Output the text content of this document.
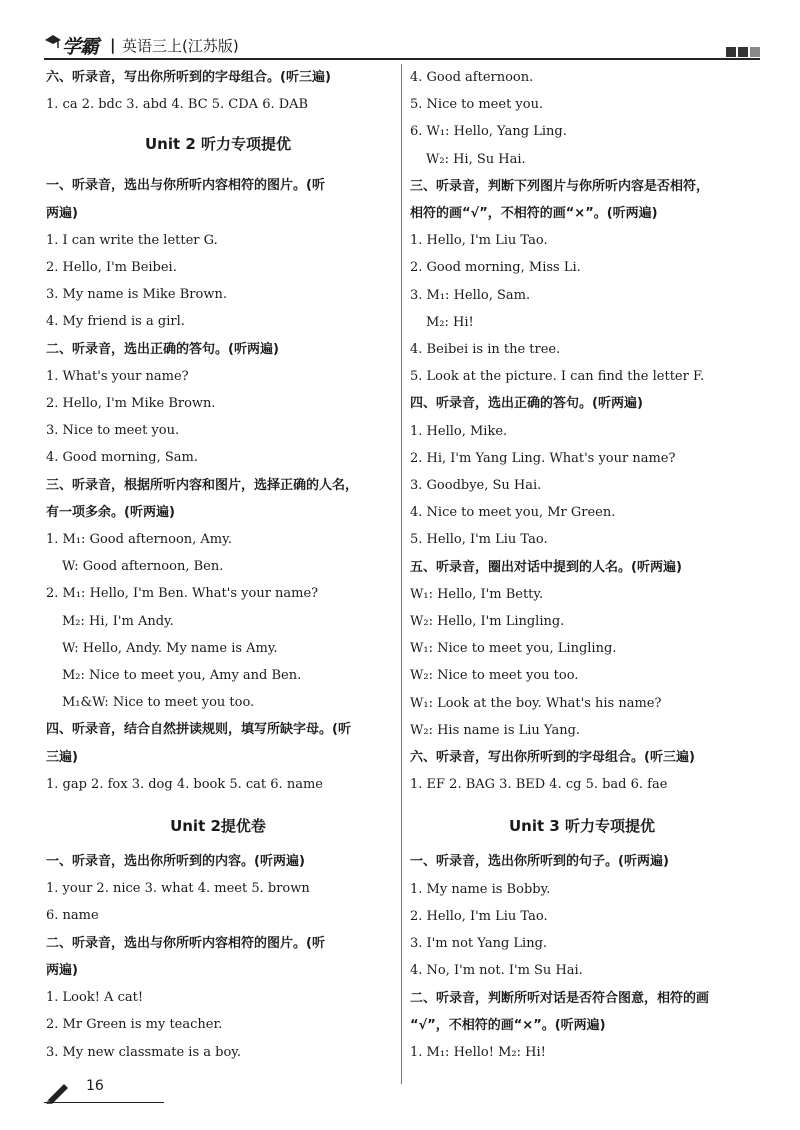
学霸 | 英语三上(江苏版)
六、听录音，写出你所听到的字母组合。(听三遍)
1. ca 2. bdc 3. abd 4. BC 5. CDA 6. DAB
Unit 2 听力专项提优
一、听录音，选出与你所听内容相符的图片。(听
两遍)
1. I can write the letter G.
2. Hello, I'm Beibei.
3. My name is Mike Brown.
4. My friend is a girl.
二、听录音，选出正确的答句。(听两遍)
1. What's your name?
2. Hello, I'm Mike Brown.
3. Nice to meet you.
4. Good morning, Sam.
三、听录音，根据所听内容和图片，选择正确的人名，
有一项多余。(听两遍)
1. M₁: Good afternoon, Amy.
W: Good afternoon, Ben.
2. M₁: Hello, I'm Ben. What's your name?
M₂: Hi, I'm Andy.
W: Hello, Andy. My name is Amy.
M₂: Nice to meet you, Amy and Ben.
M₁&W: Nice to meet you too.
四、听录音，结合自然拼读规则，填写所缺字母。(听
三遍)
1. gap 2. fox 3. dog 4. book 5. cat 6. name
Unit 2提优卷
一、听录音，选出你所听到的内容。(听两遍)
1. your 2. nice 3. what 4. meet 5. brown
6. name
二、听录音，选出与你所听内容相符的图片。(听
两遍)
1. Look! A cat!
2. Mr Green is my teacher.
3. My new classmate is a boy.
4. Good afternoon.
5. Nice to meet you.
6. W₁: Hello, Yang Ling.
W₂: Hi, Su Hai.
三、听录音，判断下列图片与你所听内容是否相符，
相符的画“√”，不相符的画“×”。(听两遍)
1. Hello, I'm Liu Tao.
2. Good morning, Miss Li.
3. M₁: Hello, Sam.
M₂: Hi!
4. Beibei is in the tree.
5. Look at the picture. I can find the letter F.
四、听录音，选出正确的答句。(听两遍)
1. Hello, Mike.
2. Hi, I'm Yang Ling. What's your name?
3. Goodbye, Su Hai.
4. Nice to meet you, Mr Green.
5. Hello, I'm Liu Tao.
五、听录音，圈出对话中提到的人名。(听两遍)
W₁: Hello, I'm Betty.
W₂: Hello, I'm Lingling.
W₁: Nice to meet you, Lingling.
W₂: Nice to meet you too.
W₁: Look at the boy. What's his name?
W₂: His name is Liu Yang.
六、听录音，写出你所听到的字母组合。(听三遍)
1. EF 2. BAG 3. BED 4. cg 5. bad 6. fae
Unit 3 听力专项提优
一、听录音，选出你所听到的句子。(听两遍)
1. My name is Bobby.
2. Hello, I'm Liu Tao.
3. I'm not Yang Ling.
4. No, I'm not. I'm Su Hai.
二、听录音，判断所听对话是否符合图意，相符的画
“√”，不相符的画“×”。(听两遍)
1. M₁: Hello! M₂: Hi!
16
